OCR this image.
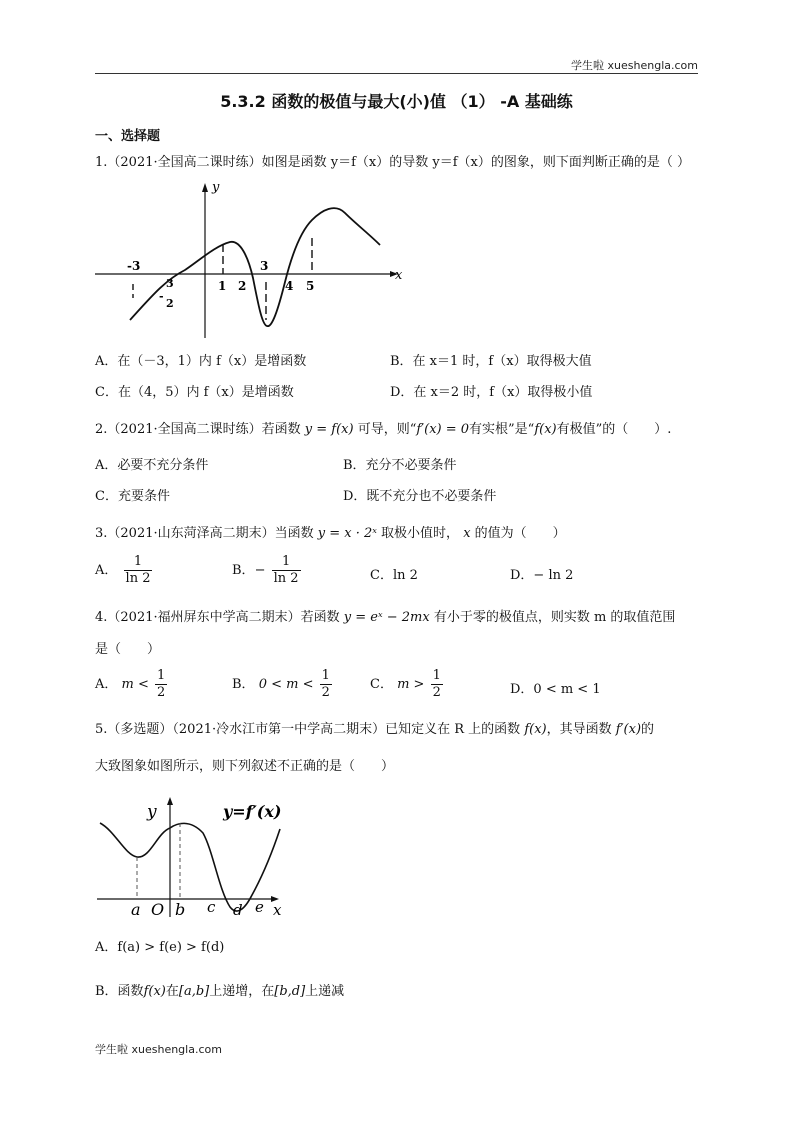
学生啦 xueshengla.com
5.3.2 函数的极值与最大(小)值 （1） -A 基础练
一、选择题
1.（2021·全国高二课时练）如图是函数 y＝f（x）的导数 y＝f（x）的图象，则下面判断正确的是（ ）
y
x
-3
3
-
2
1 2
3
4 5
A．在（－3，1）内 f（x）是增函数	B．在 x＝1 时，f（x）取得极大值
C．在（4，5）内 f（x）是增函数	D．在 x＝2 时，f（x）取得极小值
2.（2021·全国高二课时练）若函数 y = f(x) 可导，则“f′(x) = 0有实根”是“f(x)有极值”的（　　）.
A．必要不充分条件	B．充分不必要条件
C．充要条件	D．既不充分也不必要条件
3.（2021·山东菏泽高二期末）当函数 y = x · 2ˣ 取极小值时， x 的值为（　　）
A． $\frac{1}{\ln 2}$	B．− $\frac{1}{\ln 2}$	C．ln 2	D．− ln 2
4.（2021·福州屏东中学高二期末）若函数 y = eˣ − 2mx 有小于零的极值点，则实数 m 的取值范围
是（　　）
A． $m < \frac{1}{2}$	B． $0 < m < \frac{1}{2}$	C． $m > \frac{1}{2}$	D．0 < m < 1
5.（多选题）（2021·冷水江市第一中学高二期末）已知定义在 R 上的函数 f(x)，其导函数 f′(x)的
大致图象如图所示，则下列叙述不正确的是（　　）
y	y=f′(x)
a O b c d e x
A．f(a) > f(e) > f(d)
B．函数f(x)在[a,b]上递增，在[b,d]上递减
学生啦 xueshengla.com
